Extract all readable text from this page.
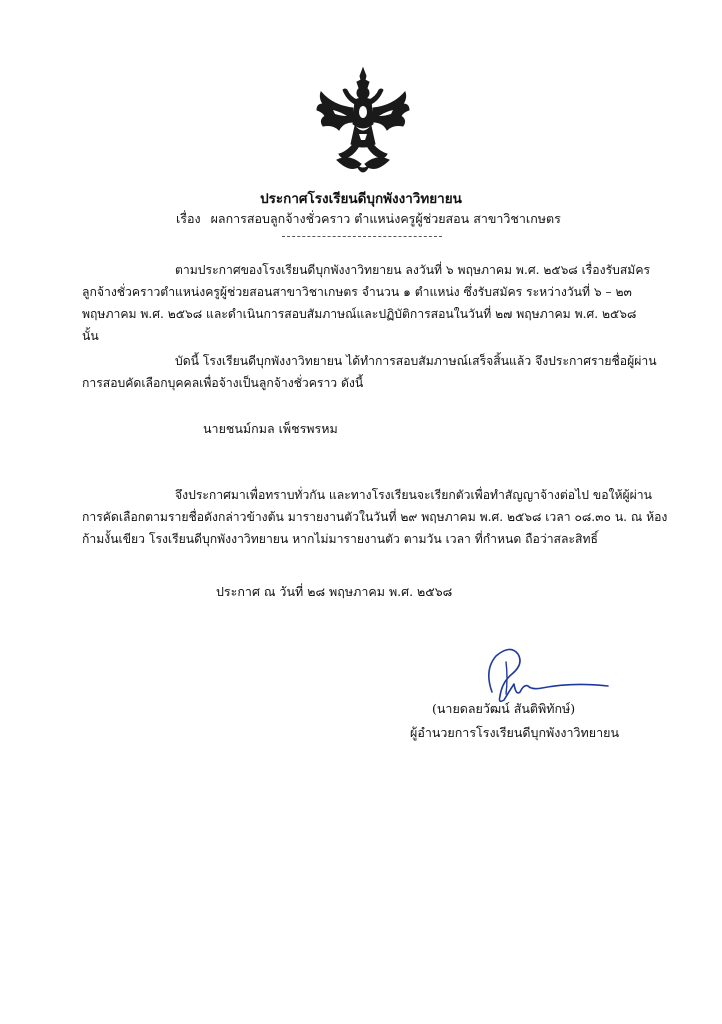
ประกาศโรงเรียนดีบุกพังงาวิทยายน
เรื่อง ผลการสอบลูกจ้างชั่วคราว ตำแหน่งครูผู้ช่วยสอน สาขาวิชาเกษตร
ตามประกาศของโรงเรียนดีบุกพังงาวิทยายน ลงวันที่ ๖ พฤษภาคม พ.ศ. ๒๕๖๘ เรื่องรับสมัคร
ลูกจ้างชั่วคราวตำแหน่งครูผู้ช่วยสอนสาขาวิชาเกษตร จำนวน ๑ ตำแหน่ง ซึ่งรับสมัคร ระหว่างวันที่ ๖ – ๒๓
พฤษภาคม พ.ศ. ๒๕๖๘ และดำเนินการสอบสัมภาษณ์และปฏิบัติการสอนในวันที่ ๒๗ พฤษภาคม พ.ศ. ๒๕๖๘
นั้น
บัดนี้ โรงเรียนดีบุกพังงาวิทยายน ได้ทำการสอบสัมภาษณ์เสร็จสิ้นแล้ว จึงประกาศรายชื่อผู้ผ่าน
การสอบคัดเลือกบุคคลเพื่อจ้างเป็นลูกจ้างชั่วคราว ดังนี้
นายชนม์กมล เพ็ชรพรหม
จึงประกาศมาเพื่อทราบทั่วกัน และทางโรงเรียนจะเรียกตัวเพื่อทำสัญญาจ้างต่อไป ขอให้ผู้ผ่าน
การคัดเลือกตามรายชื่อดังกล่าวข้างต้น มารายงานตัวในวันที่ ๒๙ พฤษภาคม พ.ศ. ๒๕๖๘ เวลา ๐๘.๓๐ น. ณ ห้อง
ก้ามงั้นเขียว โรงเรียนดีบุกพังงาวิทยายน หากไม่มารายงานตัว ตามวัน เวลา ที่กำหนด ถือว่าสละสิทธิ์
ประกาศ ณ วันที่ ๒๘ พฤษภาคม พ.ศ. ๒๕๖๘
(นายดลยวัฒน์ สันติพิทักษ์)
ผู้อำนวยการโรงเรียนดีบุกพังงาวิทยายน
